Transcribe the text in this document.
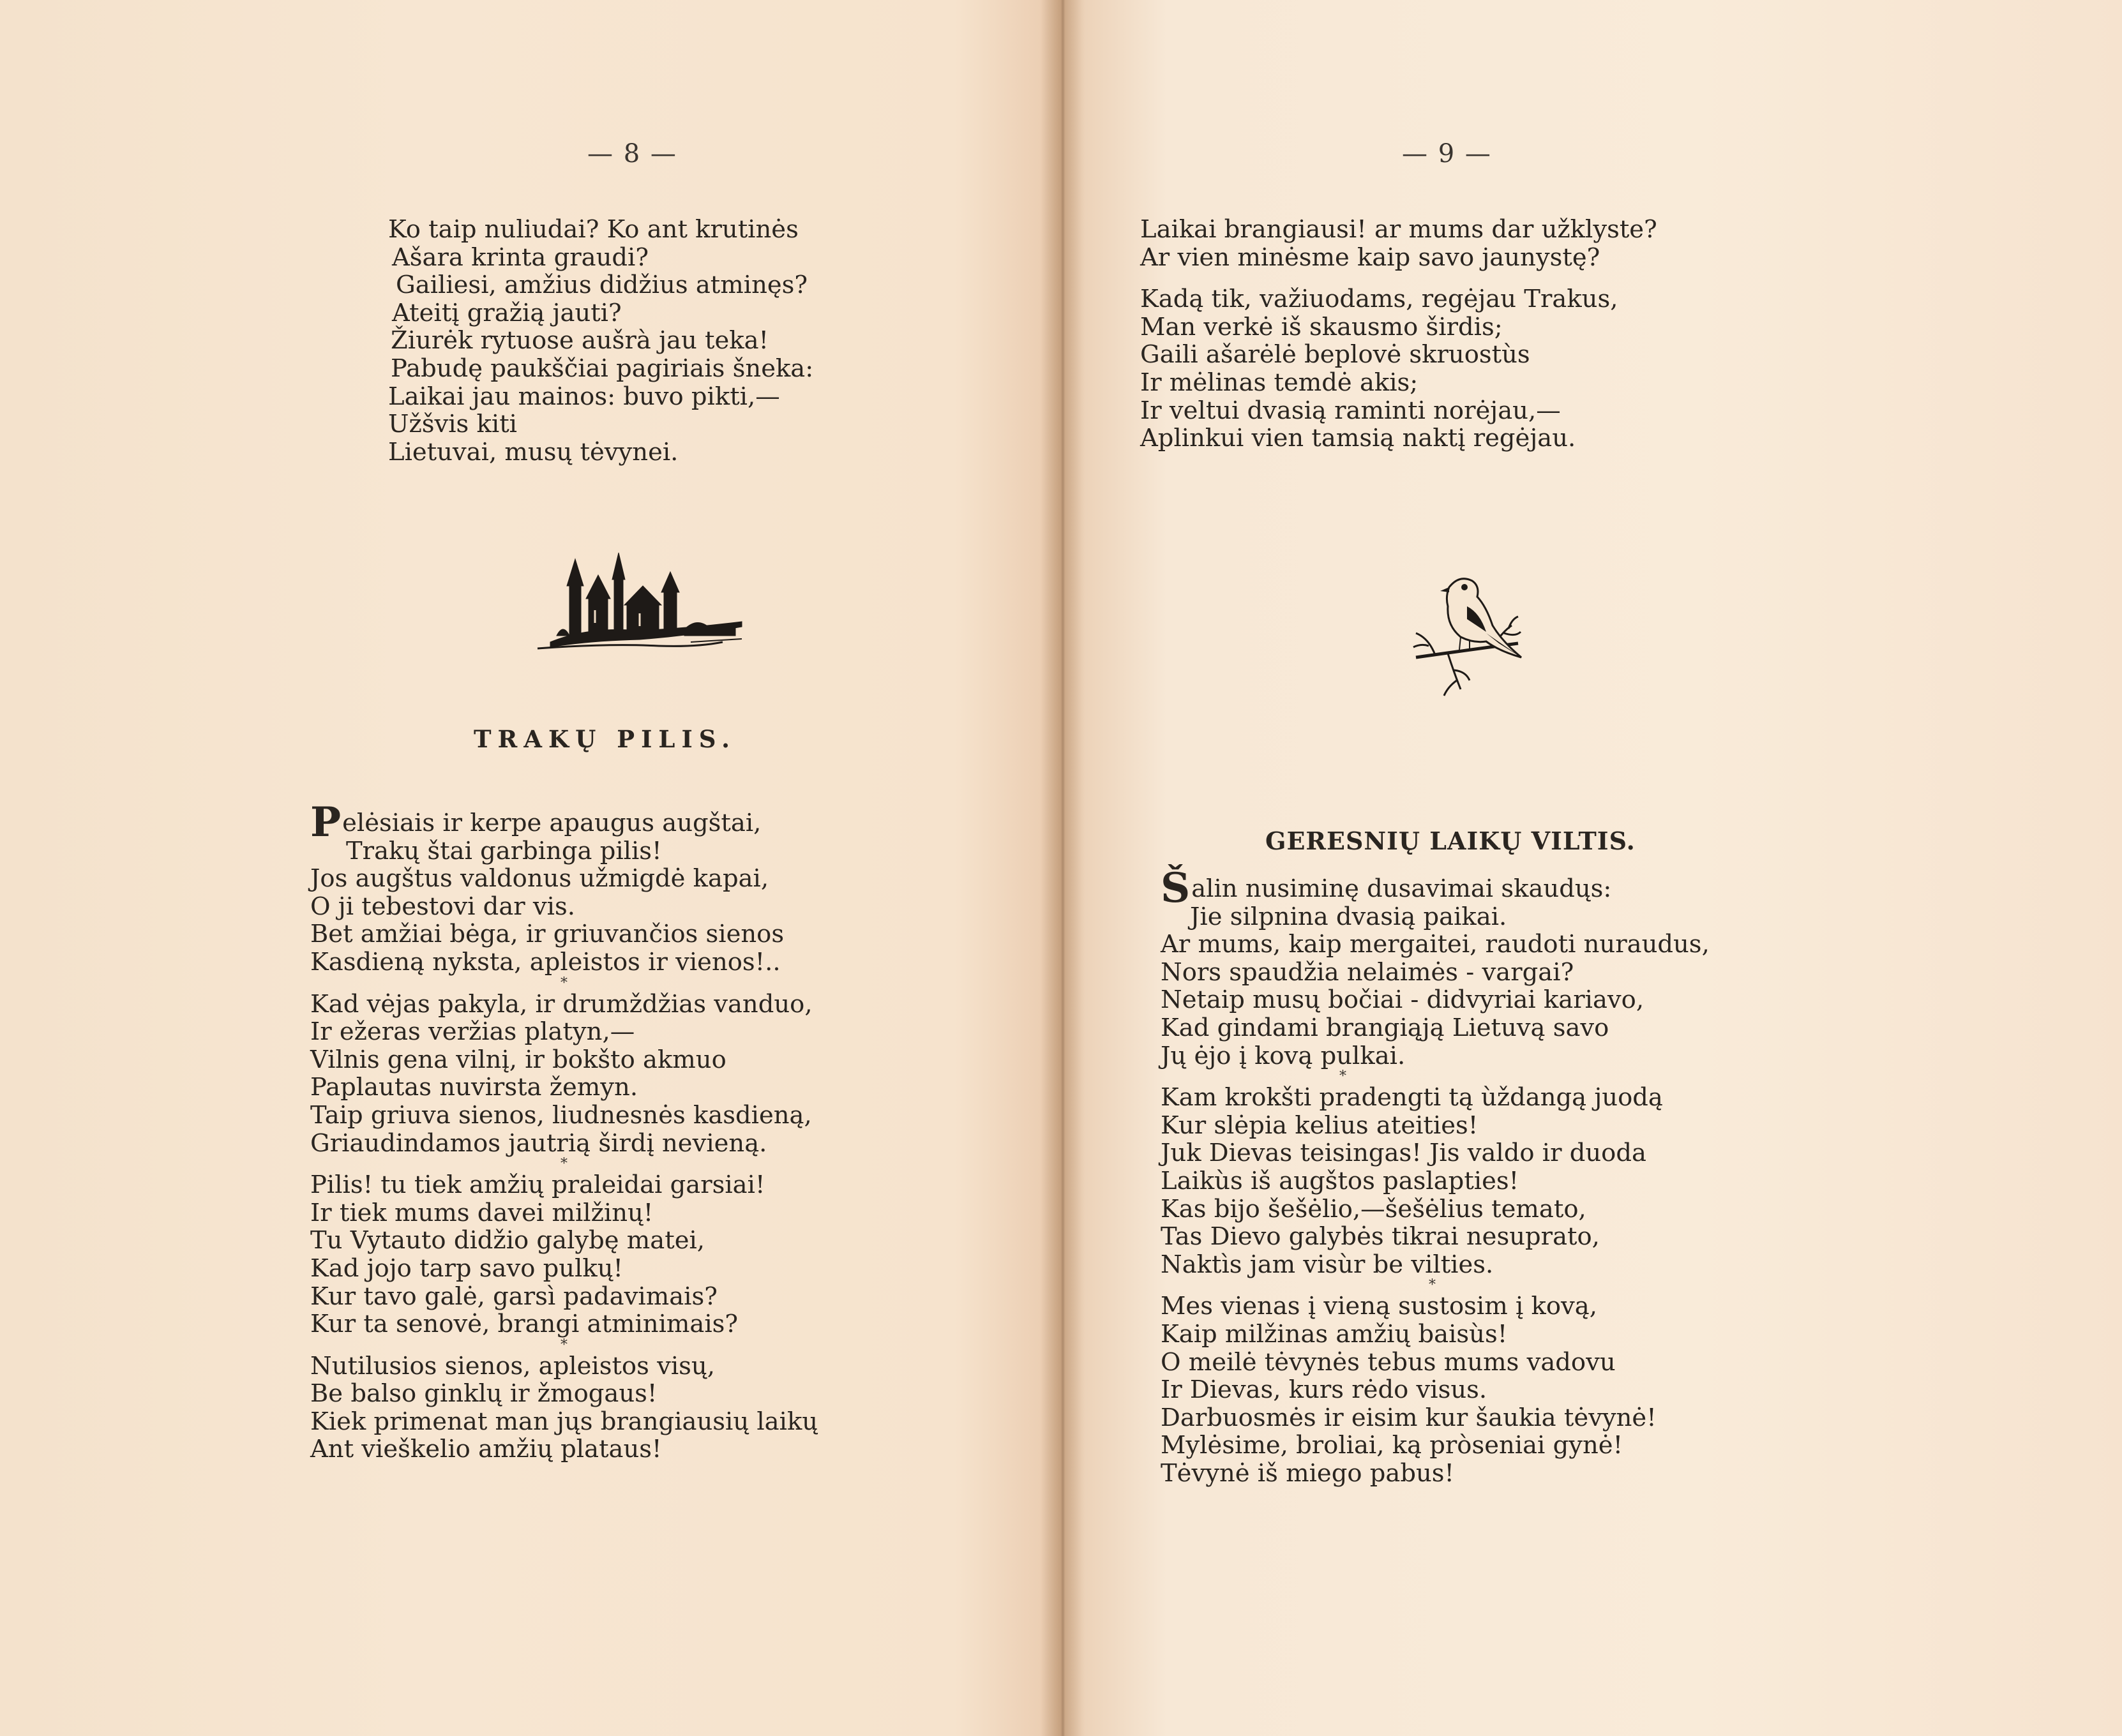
— 8 —
Ko taip nuliudai? Ko ant krutinės
Ašara krinta graudi?
Gailiesi, amžius didžius atminęs?
Ateitį gražią jauti?
Žiurėk rytuose aušrà jau teka!
Pabudę paukščiai pagiriais šneka:
Laikai jau mainos: buvo pikti,—
Užšvis kiti
Lietuvai, musų tėvynei.
TRAKŲ PILIS.
Pelėsiais ir kerpe apaugus augštai,
Trakų štai garbinga pilis!
Jos augštus valdonus užmigdė kapai,
O ji tebestovi dar vis.
Bet amžiai bėga, ir griuvančios sienos
Kasdieną nyksta, apleistos ir vienos!..
*
Kad vėjas pakyla, ir drumždžias vanduo,
Ir ežeras veržias platyn,—
Vilnis gena vilnį, ir bokšto akmuo
Paplautas nuvirsta žemyn.
Taip griuva sienos, liudnesnės kasdieną,
Griaudindamos jautrią širdį nevieną.
*
Pilis! tu tiek amžių praleidai garsiai!
Ir tiek mums davei milžinų!
Tu Vytauto didžio galybę matei,
Kad jojo tarp savo pulkų!
Kur tavo galė, garsì padavimais?
Kur ta senovė, brangi atminimais?
*
Nutilusios sienos, apleistos visų,
Be balso ginklų ir žmogaus!
Kiek primenat man jųs brangiausių laikų
Ant vieškelio amžių plataus!
— 9 —
Laikai brangiausi! ar mums dar užklyste?
Ar vien minėsme kaip savo jaunystę?
Kadą tik, važiuodams, regėjau Trakus,
Man verkė iš skausmo širdis;
Gaili ašarėlė beplovė skruostùs
Ir mėlinas temdė akis;
Ir veltui dvasią raminti norėjau,—
Aplinkui vien tamsią naktį regėjau.
GERESNIŲ LAIKŲ VILTIS.
Šalin nusiminę dusavimai skaudųs:
Jie silpnina dvasią paikai.
Ar mums, kaip mergaitei, raudoti nuraudus,
Nors spaudžia nelaimės - vargai?
Netaip musų bočiai - didvyriai kariavo,
Kad gindami brangiąją Lietuvą savo
Jų ėjo į kovą pulkai.
*
Kam krokšti pradengti tą ùždangą juodą
Kur slėpia kelius ateities!
Juk Dievas teisingas! Jis valdo ir duoda
Laikùs iš augštos paslapties!
Kas bijo šešėlio,—šešėlius temato,
Tas Dievo galybės tikrai nesuprato,
Naktìs jam visùr be vilties.
*
Mes vienas į vieną sustosim į kovą,
Kaip milžinas amžių baisùs!
O meilė tėvynės tebus mums vadovu
Ir Dievas, kurs rėdo visus.
Darbuosmės ir eisim kur šaukia tėvynė!
Mylėsime, broliai, ką pròseniai gynė!
Tėvynė iš miego pabus!
